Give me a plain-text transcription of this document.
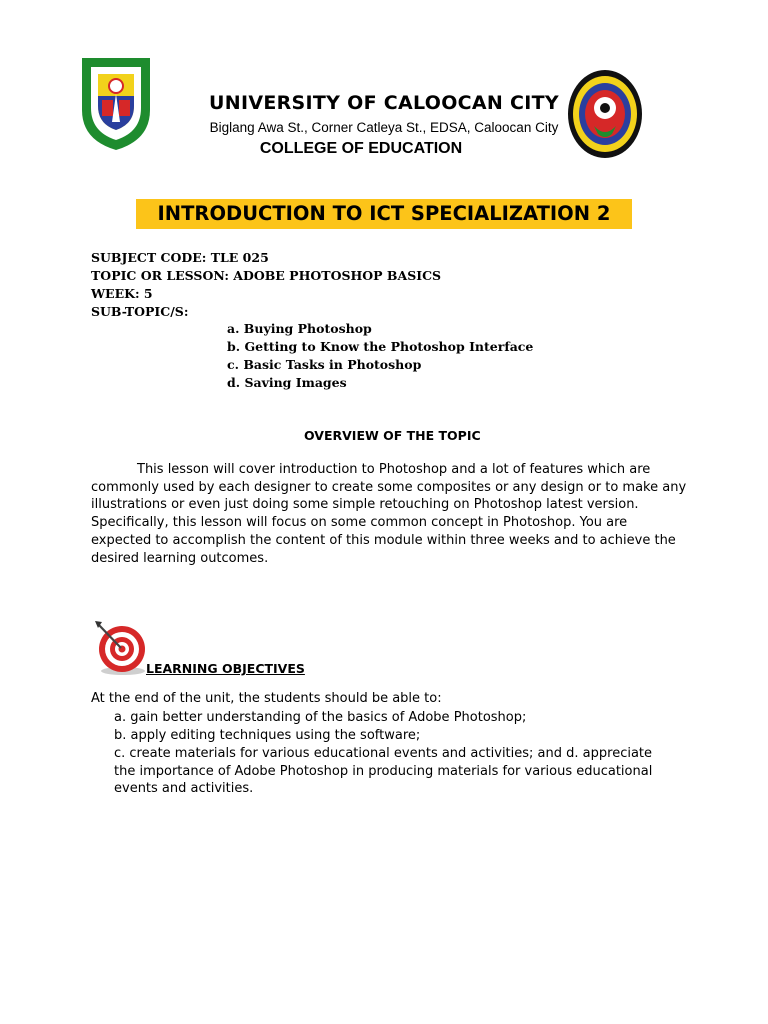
UNIVERSITY OF CALOOCAN CITY
Biglang Awa St., Corner Catleya St., EDSA, Caloocan City
COLLEGE OF EDUCATION
INTRODUCTION TO ICT SPECIALIZATION 2
SUBJECT CODE: TLE 025
TOPIC OR LESSON: ADOBE PHOTOSHOP BASICS
WEEK: 5
SUB-TOPIC/S:
a. Buying Photoshop
b. Getting to Know the Photoshop Interface
c. Basic Tasks in Photoshop
d. Saving Images
OVERVIEW OF THE TOPIC
This lesson will cover introduction to Photoshop and a lot of features which are commonly used by each designer to create some composites or any design or to make any illustrations or even just doing some simple retouching on Photoshop latest version. Specifically, this lesson will focus on some common concept in Photoshop. You are expected to accomplish the content of this module within three weeks and to achieve the desired learning outcomes.
LEARNING OBJECTIVES
At the end of the unit, the students should be able to:
a. gain better understanding of the basics of Adobe Photoshop;
b. apply editing techniques using the software;
c. create materials for various educational events and activities; and d. appreciate the importance of Adobe Photoshop in producing materials for various educational events and activities.
